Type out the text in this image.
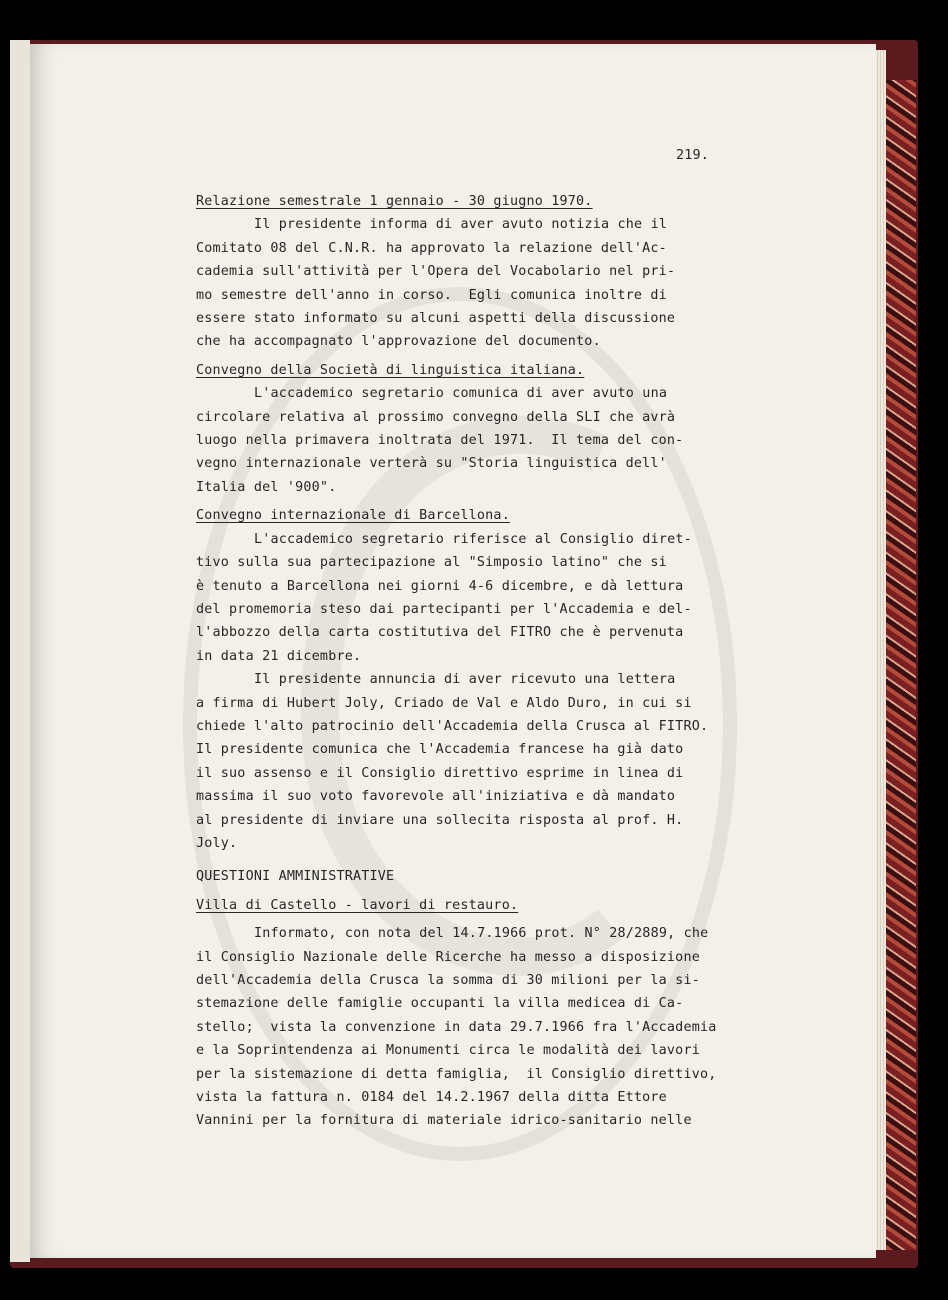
219.
Relazione semestrale 1 gennaio - 30 giugno 1970.
Il presidente informa di aver avuto notizia che il
Comitato 08 del C.N.R. ha approvato la relazione dell'Ac-
cademia sull'attività per l'Opera del Vocabolario nel pri-
mo semestre dell'anno in corso.  Egli comunica inoltre di
essere stato informato su alcuni aspetti della discussione
che ha accompagnato l'approvazione del documento.
Convegno della Società di linguistica italiana.
L'accademico segretario comunica di aver avuto una
circolare relativa al prossimo convegno della SLI che avrà
luogo nella primavera inoltrata del 1971.  Il tema del con-
vegno internazionale verterà su "Storia linguistica dell'
Italia del '900".
Convegno internazionale di Barcellona.
L'accademico segretario riferisce al Consiglio diret-
tivo sulla sua partecipazione al "Simposio latino" che si
è tenuto a Barcellona nei giorni 4-6 dicembre, e dà lettura
del promemoria steso dai partecipanti per l'Accademia e del-
l'abbozzo della carta costitutiva del FITRO che è pervenuta
in data 21 dicembre.
Il presidente annuncia di aver ricevuto una lettera
a firma di Hubert Joly, Criado de Val e Aldo Duro, in cui si
chiede l'alto patrocinio dell'Accademia della Crusca al FITRO.
Il presidente comunica che l'Accademia francese ha già dato
il suo assenso e il Consiglio direttivo esprime in linea di
massima il suo voto favorevole all'iniziativa e dà mandato
al presidente di inviare una sollecita risposta al prof. H.
Joly.
QUESTIONI AMMINISTRATIVE
Villa di Castello - lavori di restauro.
Informato, con nota del 14.7.1966 prot. N° 28/2889, che
il Consiglio Nazionale delle Ricerche ha messo a disposizione
dell'Accademia della Crusca la somma di 30 milioni per la si-
stemazione delle famiglie occupanti la villa medicea di Ca-
stello;  vista la convenzione in data 29.7.1966 fra l'Accademia
e la Soprintendenza ai Monumenti circa le modalità dei lavori
per la sistemazione di detta famiglia,  il Consiglio direttivo,
vista la fattura n. 0184 del 14.2.1967 della ditta Ettore
Vannini per la fornitura di materiale idrico-sanitario nelle
